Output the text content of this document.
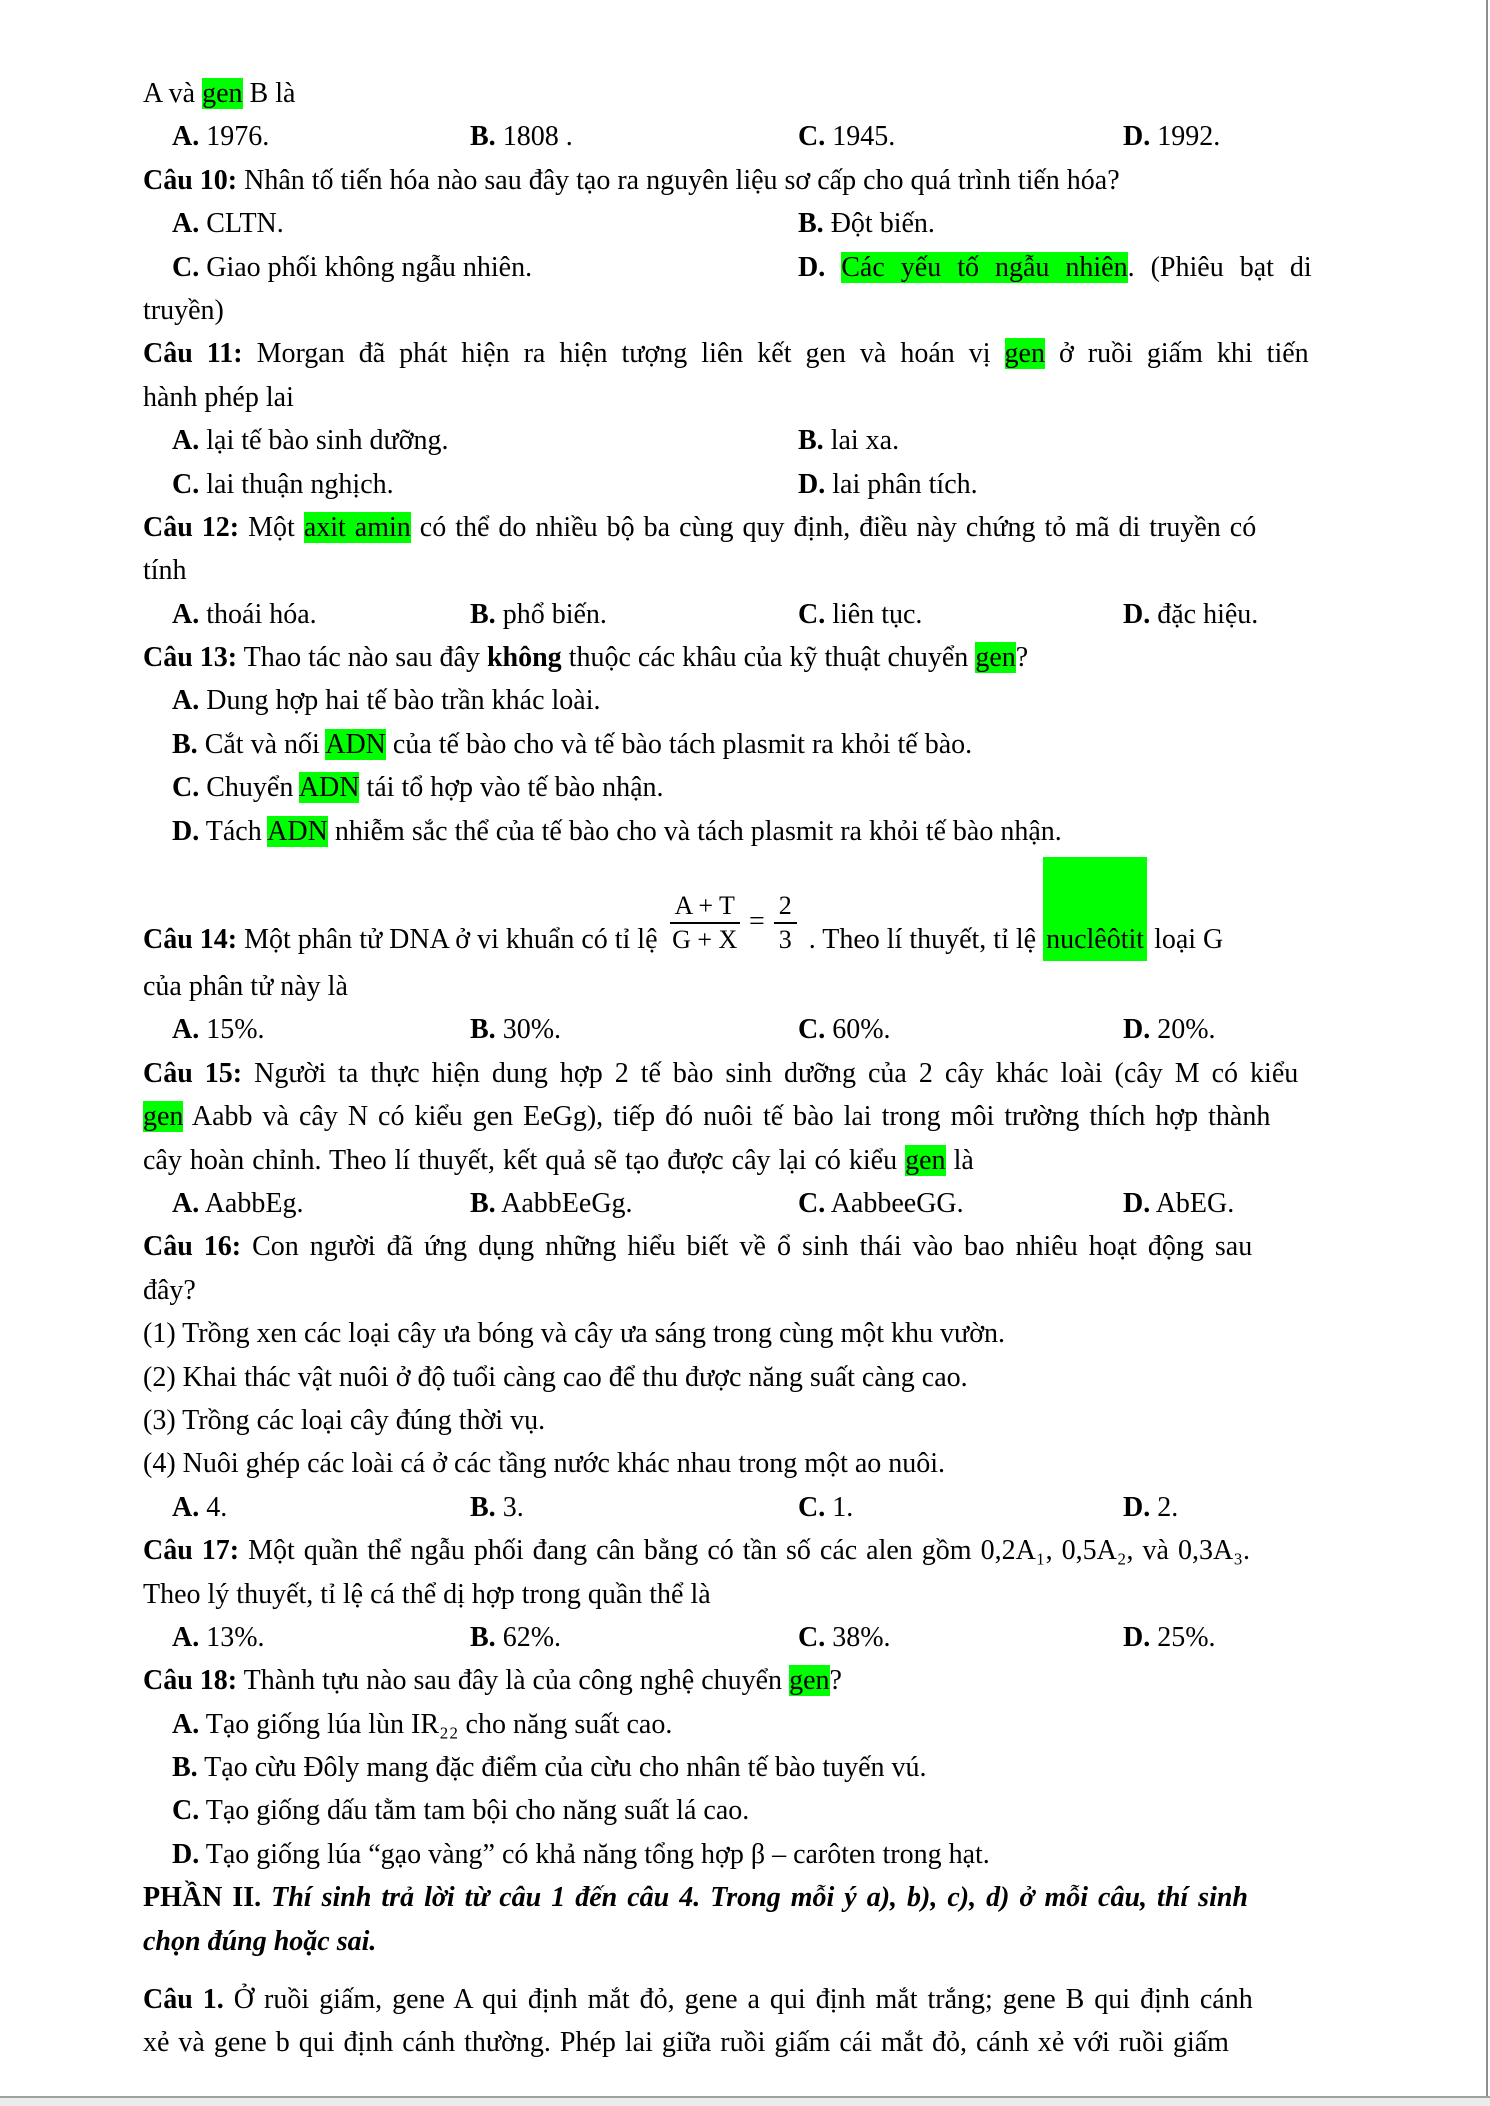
A và gen B là
A. 1976.	B. 1808 .	C. 1945.	D. 1992.
Câu 10: Nhân tố tiến hóa nào sau đây tạo ra nguyên liệu sơ cấp cho quá trình tiến hóa?
A. CLTN.	B. Đột biến.
C. Giao phối không ngẫu nhiên.	D. Các yếu tố ngẫu nhiên. (Phiêu bạt di
truyền)
Câu 11: Morgan đã phát hiện ra hiện tượng liên kết gen và hoán vị gen ở ruồi giấm khi tiến
hành phép lai
A. lại tế bào sinh dưỡng.	B. lai xa.
C. lai thuận nghịch.	D. lai phân tích.
Câu 12: Một axit amin có thể do nhiều bộ ba cùng quy định, điều này chứng tỏ mã di truyền có
tính
A. thoái hóa.	B. phổ biến.	C. liên tục.	D. đặc hiệu.
Câu 13: Thao tác nào sau đây không thuộc các khâu của kỹ thuật chuyển gen?
A. Dung hợp hai tế bào trần khác loài.
B. Cắt và nối ADN của tế bào cho và tế bào tách plasmit ra khỏi tế bào.
C. Chuyển ADN tái tổ hợp vào tế bào nhận.
D. Tách ADN nhiễm sắc thể của tế bào cho và tách plasmit ra khỏi tế bào nhận.
Câu 14: Một phân tử DNA ở vi khuẩn có tỉ lệ $\frac{A + T}{G + X} = \frac{2}{3}$ . Theo lí thuyết, tỉ lệ nuclêôtit loại G
của phân tử này là
A. 15%.	B. 30%.	C. 60%.	D. 20%.
Câu 15: Người ta thực hiện dung hợp 2 tế bào sinh dưỡng của 2 cây khác loài (cây M có kiểu
gen Aabb và cây N có kiểu gen EeGg), tiếp đó nuôi tế bào lai trong môi trường thích hợp thành
cây hoàn chỉnh. Theo lí thuyết, kết quả sẽ tạo được cây lại có kiểu gen là
A. AabbEg.	B. AabbEeGg.	C. AabbeeGG.	D. AbEG.
Câu 16: Con người đã ứng dụng những hiểu biết về ổ sinh thái vào bao nhiêu hoạt động sau
đây?
(1) Trồng xen các loại cây ưa bóng và cây ưa sáng trong cùng một khu vườn.
(2) Khai thác vật nuôi ở độ tuổi càng cao để thu được năng suất càng cao.
(3) Trồng các loại cây đúng thời vụ.
(4) Nuôi ghép các loài cá ở các tầng nước khác nhau trong một ao nuôi.
A. 4.	B. 3.	C. 1.	D. 2.
Câu 17: Một quần thể ngẫu phối đang cân bằng có tần số các alen gồm 0,2A₁, 0,5A₂, và 0,3A₃.
Theo lý thuyết, tỉ lệ cá thể dị hợp trong quần thể là
A. 13%.	B. 62%.	C. 38%.	D. 25%.
Câu 18: Thành tựu nào sau đây là của công nghệ chuyển gen?
A. Tạo giống lúa lùn IR₂₂ cho năng suất cao.
B. Tạo cừu Đôly mang đặc điểm của cừu cho nhân tế bào tuyến vú.
C. Tạo giống dấu tằm tam bội cho năng suất lá cao.
D. Tạo giống lúa “gạo vàng” có khả năng tổng hợp β – carôten trong hạt.
PHẦN II. Thí sinh trả lời từ câu 1 đến câu 4. Trong mỗi ý a), b), c), d) ở mỗi câu, thí sinh
chọn đúng hoặc sai.
Câu 1. Ở ruồi giấm, gene A qui định mắt đỏ, gene a qui định mắt trắng; gene B qui định cánh
xẻ và gene b qui định cánh thường. Phép lai giữa ruồi giấm cái mắt đỏ, cánh xẻ với ruồi giấm
